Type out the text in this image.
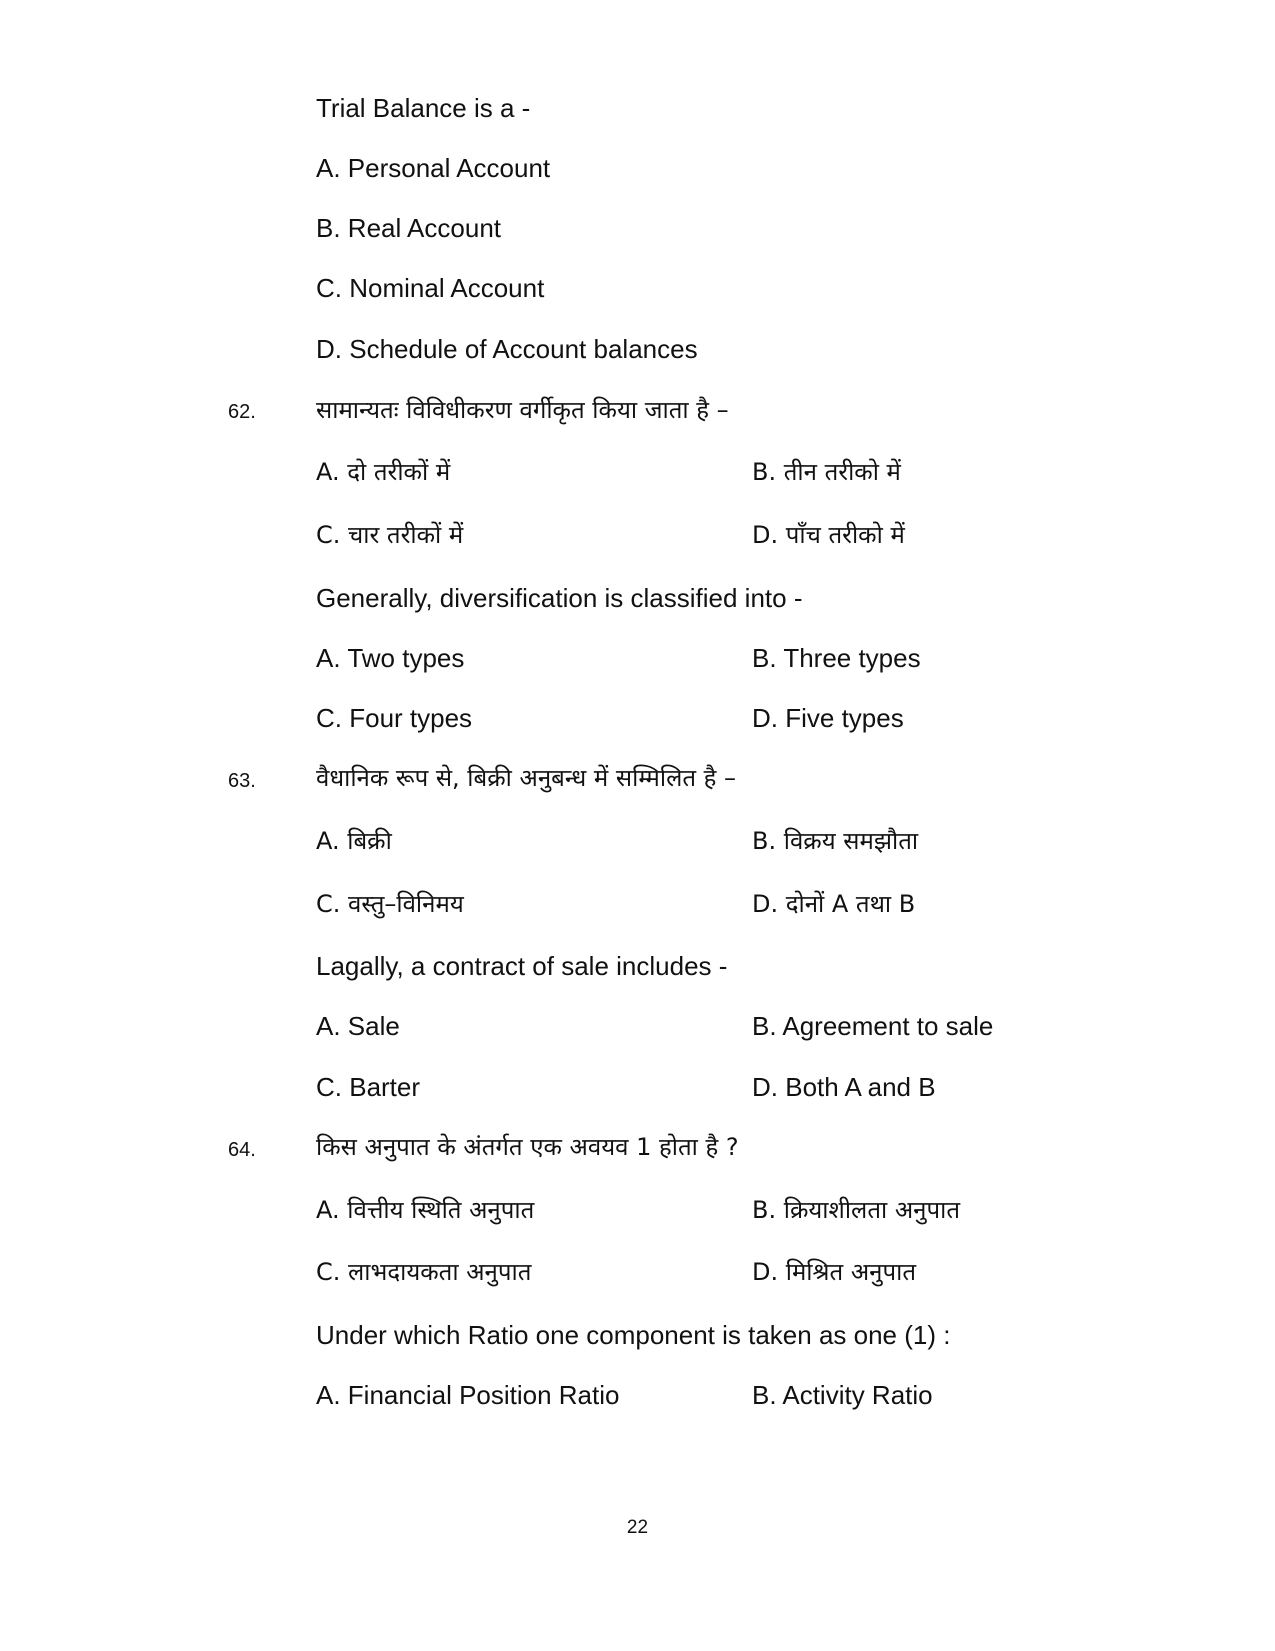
Trial Balance is a -
A. Personal Account
B. Real Account
C. Nominal Account
D. Schedule of Account balances
62.	सामान्यतः विविधीकरण वर्गीकृत किया जाता है –
A. दो तरीकों में	B. तीन तरीको में
C. चार तरीकों में	D. पाँच तरीको में
Generally, diversification is classified into -
A. Two types	B. Three types
C. Four types	D. Five types
63.	वैधानिक रूप से, बिक्री अनुबन्ध में सम्मिलित है –
A. बिक्री	B. विक्रय समझौता
C. वस्तु–विनिमय	D. दोनों A तथा B
Lagally, a contract of sale includes -
A. Sale	B. Agreement to sale
C. Barter	D. Both A and B
64.	किस अनुपात के अंतर्गत एक अवयव 1 होता है ?
A. वित्तीय स्थिति अनुपात	B. क्रियाशीलता अनुपात
C. लाभदायकता अनुपात	D. मिश्रित अनुपात
Under which Ratio one component is taken as one (1) :
A. Financial Position Ratio	B. Activity Ratio
22
